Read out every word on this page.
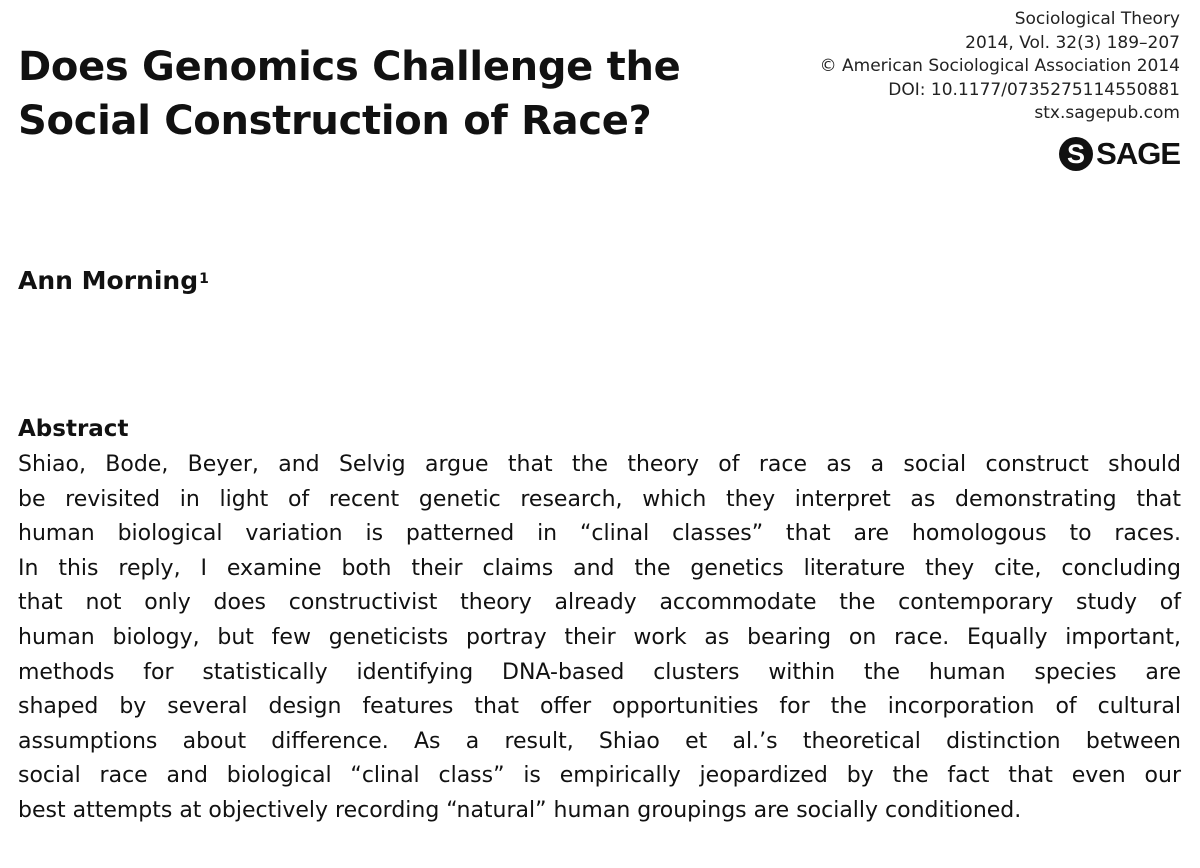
Does Genomics Challenge the
Social Construction of Race?
Sociological Theory
2014, Vol. 32(3) 189–207
© American Sociological Association 2014
DOI: 10.1177/0735275114550881
stx.sagepub.com
S SAGE
Ann Morning$^1$
Abstract
Shiao, Bode, Beyer, and Selvig argue that the theory of race as a social construct should
be revisited in light of recent genetic research, which they interpret as demonstrating that
human biological variation is patterned in “clinal classes” that are homologous to races.
In this reply, I examine both their claims and the genetics literature they cite, concluding
that not only does constructivist theory already accommodate the contemporary study of
human biology, but few geneticists portray their work as bearing on race. Equally important,
methods for statistically identifying DNA-based clusters within the human species are
shaped by several design features that offer opportunities for the incorporation of cultural
assumptions about difference. As a result, Shiao et al.’s theoretical distinction between
social race and biological “clinal class” is empirically jeopardized by the fact that even our
best attempts at objectively recording “natural” human groupings are socially conditioned.
